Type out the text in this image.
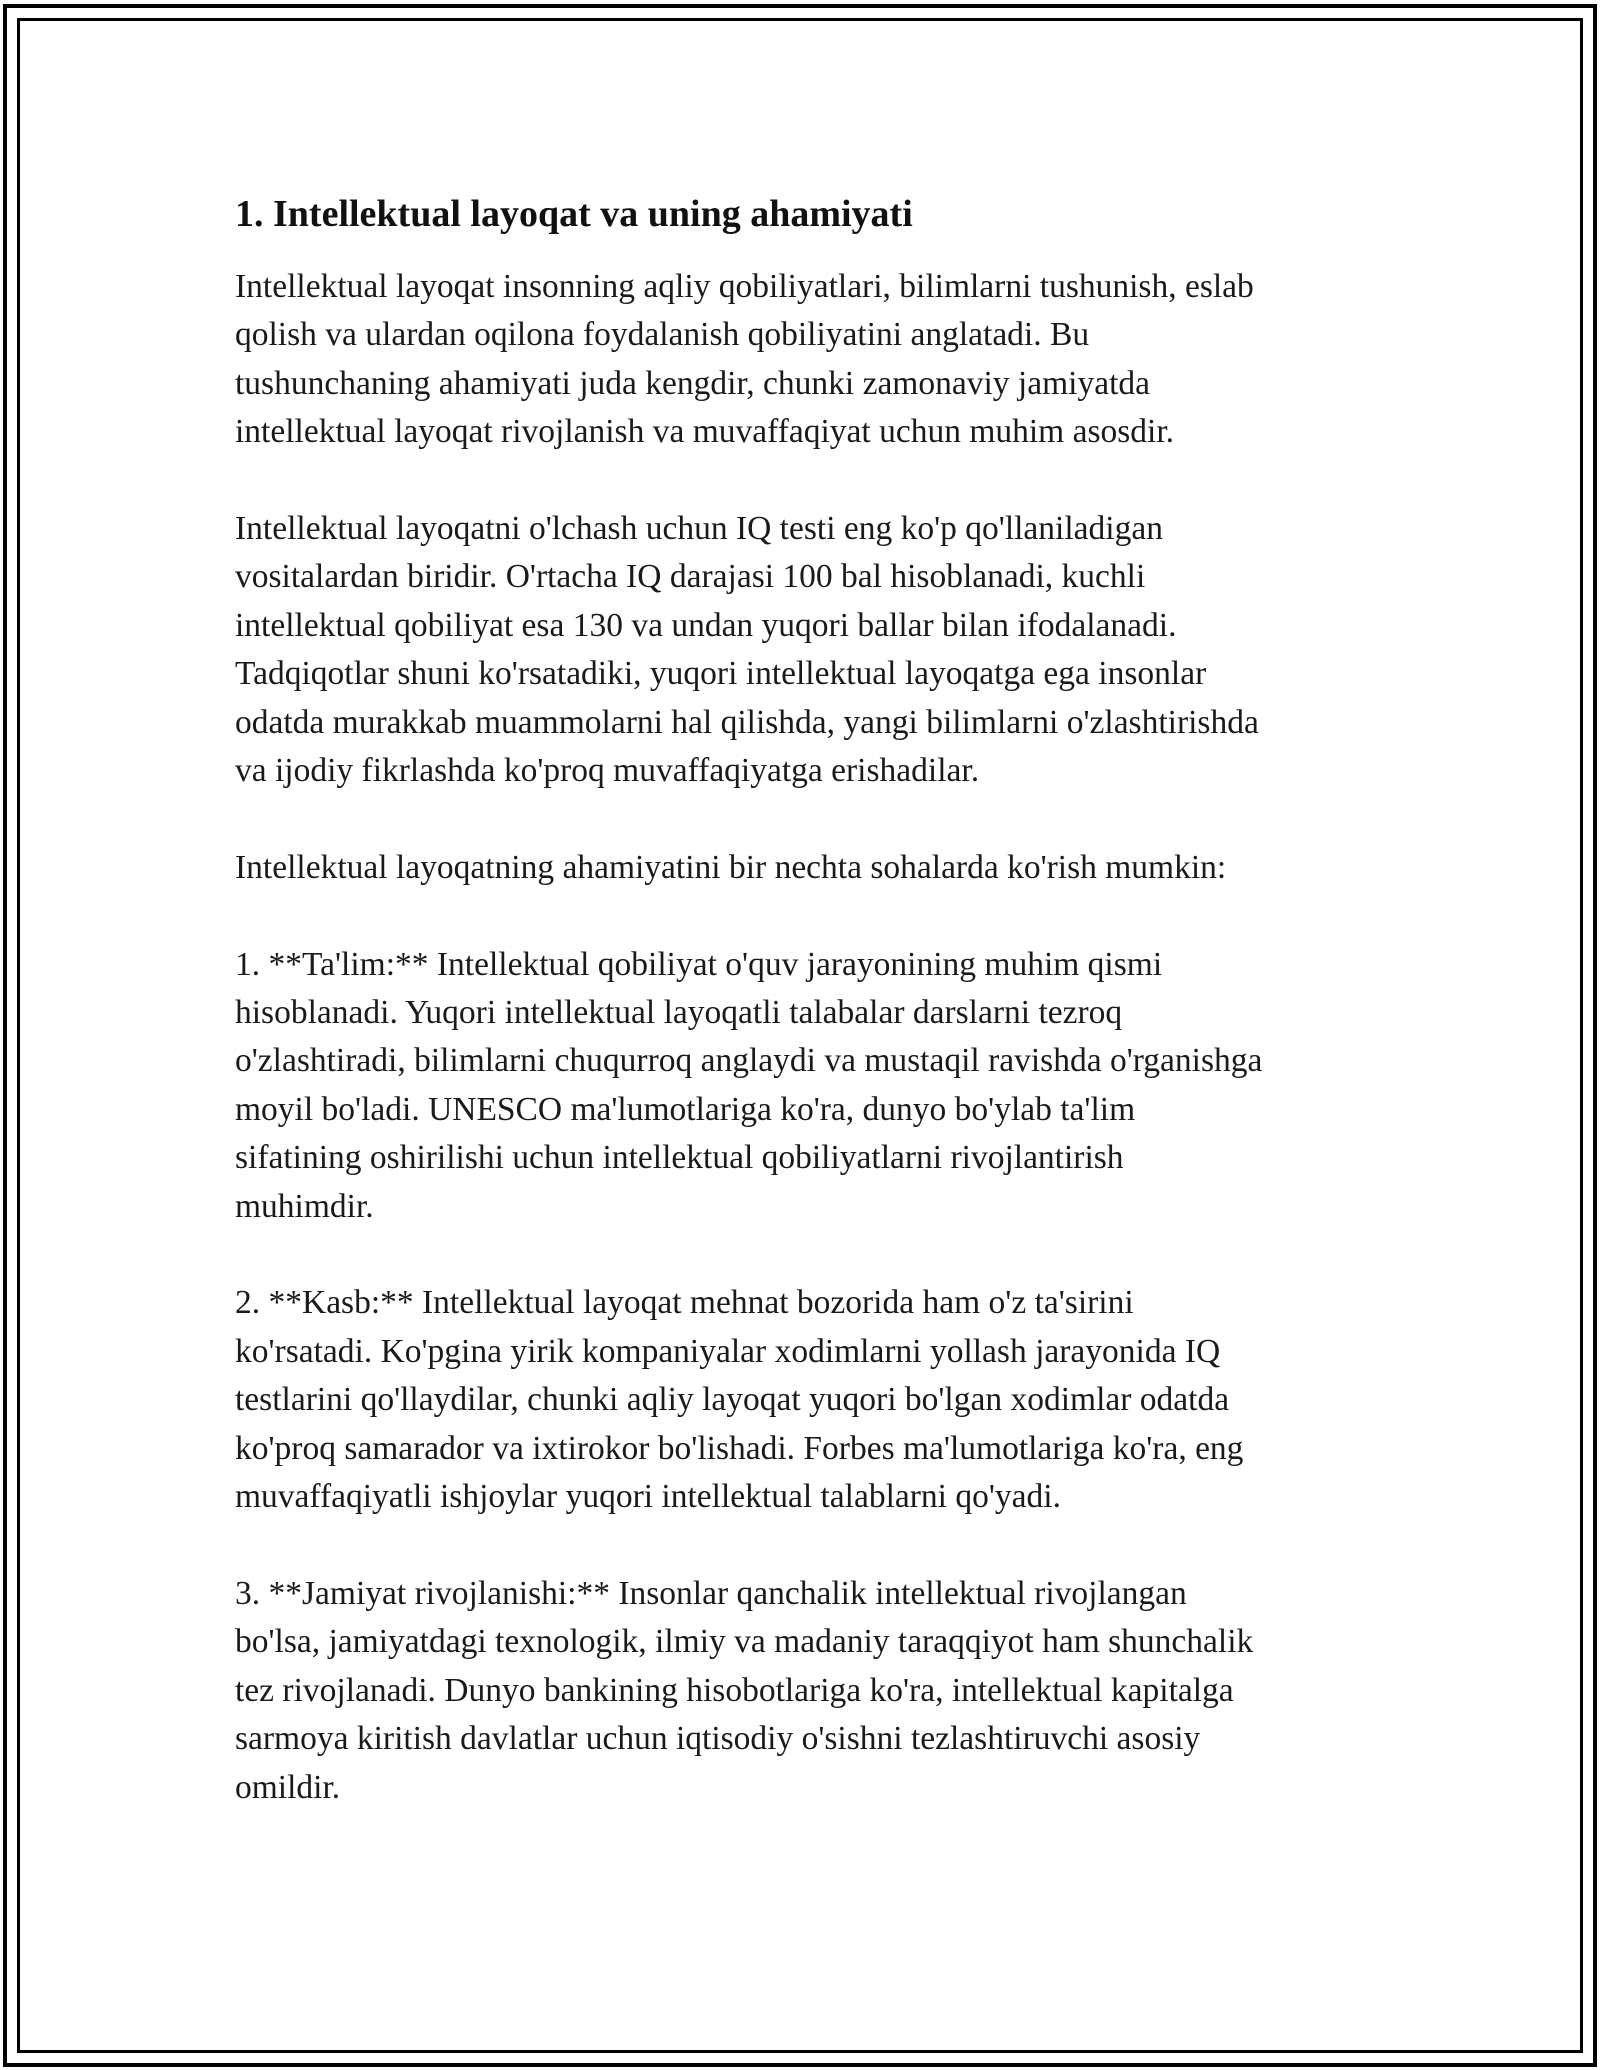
1. Intellektual layoqat va uning ahamiyati

Intellektual layoqat insonning aqliy qobiliyatlari, bilimlarni tushunish, eslab
qolish va ulardan oqilona foydalanish qobiliyatini anglatadi. Bu
tushunchaning ahamiyati juda kengdir, chunki zamonaviy jamiyatda
intellektual layoqat rivojlanish va muvaffaqiyat uchun muhim asosdir.

Intellektual layoqatni o'lchash uchun IQ testi eng ko'p qo'llaniladigan
vositalardan biridir. O'rtacha IQ darajasi 100 bal hisoblanadi, kuchli
intellektual qobiliyat esa 130 va undan yuqori ballar bilan ifodalanadi.
Tadqiqotlar shuni ko'rsatadiki, yuqori intellektual layoqatga ega insonlar
odatda murakkab muammolarni hal qilishda, yangi bilimlarni o'zlashtirishda
va ijodiy fikrlashda ko'proq muvaffaqiyatga erishadilar.

Intellektual layoqatning ahamiyatini bir nechta sohalarda ko'rish mumkin:

1. **Ta'lim:** Intellektual qobiliyat o'quv jarayonining muhim qismi
hisoblanadi. Yuqori intellektual layoqatli talabalar darslarni tezroq
o'zlashtiradi, bilimlarni chuqurroq anglaydi va mustaqil ravishda o'rganishga
moyil bo'ladi. UNESCO ma'lumotlariga ko'ra, dunyo bo'ylab ta'lim
sifatining oshirilishi uchun intellektual qobiliyatlarni rivojlantirish
muhimdir.

2. **Kasb:** Intellektual layoqat mehnat bozorida ham o'z ta'sirini
ko'rsatadi. Ko'pgina yirik kompaniyalar xodimlarni yollash jarayonida IQ
testlarini qo'llaydilar, chunki aqliy layoqat yuqori bo'lgan xodimlar odatda
ko'proq samarador va ixtirokor bo'lishadi. Forbes ma'lumotlariga ko'ra, eng
muvaffaqiyatli ishjoylar yuqori intellektual talablarni qo'yadi.

3. **Jamiyat rivojlanishi:** Insonlar qanchalik intellektual rivojlangan
bo'lsa, jamiyatdagi texnologik, ilmiy va madaniy taraqqiyot ham shunchalik
tez rivojlanadi. Dunyo bankining hisobotlariga ko'ra, intellektual kapitalga
sarmoya kiritish davlatlar uchun iqtisodiy o'sishni tezlashtiruvchi asosiy
omildir.
